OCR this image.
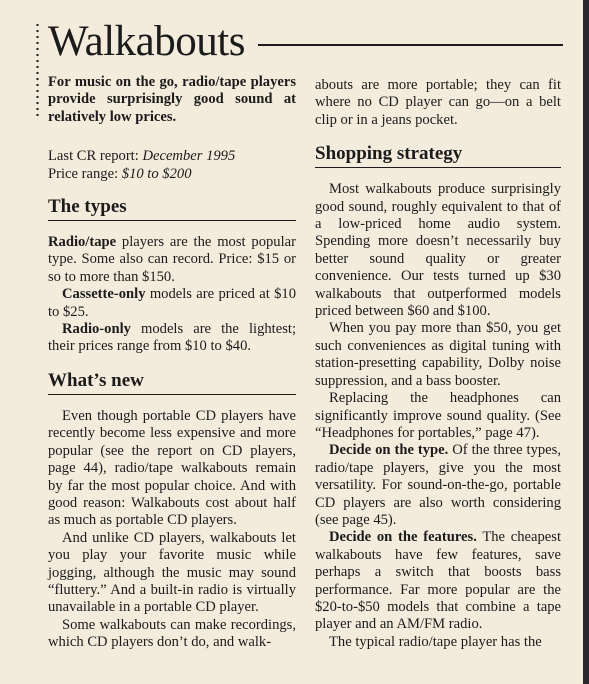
Walkabouts

For music on the go, radio/tape players provide surprisingly good sound at relatively low prices.

Last CR report: December 1995

Price range: $10 to $200

The types

Radio/tape players are the most popular type. Some also can record. Price: $15 or so to more than $150.

Cassette-only models are priced at $10 to $25.

Radio-only models are the lightest; their prices range from $10 to $40.

What’s new

Even though portable CD players have recently become less expensive and more popular (see the report on CD players, page 44), radio/tape walkabouts remain by far the most popular choice. And with good reason: Walkabouts cost about half as much as portable CD players.

And unlike CD players, walkabouts let you play your favorite music while jogging, although the music may sound “fluttery.” And a built-in radio is virtually unavailable in a portable CD player.

Some walkabouts can make recordings, which CD players don’t do, and walk-

abouts are more portable; they can fit where no CD player can go—on a belt clip or in a jeans pocket.

Shopping strategy

Most walkabouts produce surprisingly good sound, roughly equivalent to that of a low-priced home audio system. Spending more doesn’t necessarily buy better sound quality or greater convenience. Our tests turned up $30 walkabouts that outperformed models priced between $60 and $100.

When you pay more than $50, you get such conveniences as digital tuning with station-presetting capability, Dolby noise suppression, and a bass booster.

Replacing the headphones can significantly improve sound quality. (See “Headphones for portables,” page 47).

Decide on the type. Of the three types, radio/tape players, give you the most versatility. For sound-on-the-go, portable CD players are also worth considering (see page 45).

Decide on the features. The cheapest walkabouts have few features, save perhaps a switch that boosts bass performance. Far more popular are the $20-to-$50 models that combine a tape player and an AM/FM radio.

The typical radio/tape player has the
